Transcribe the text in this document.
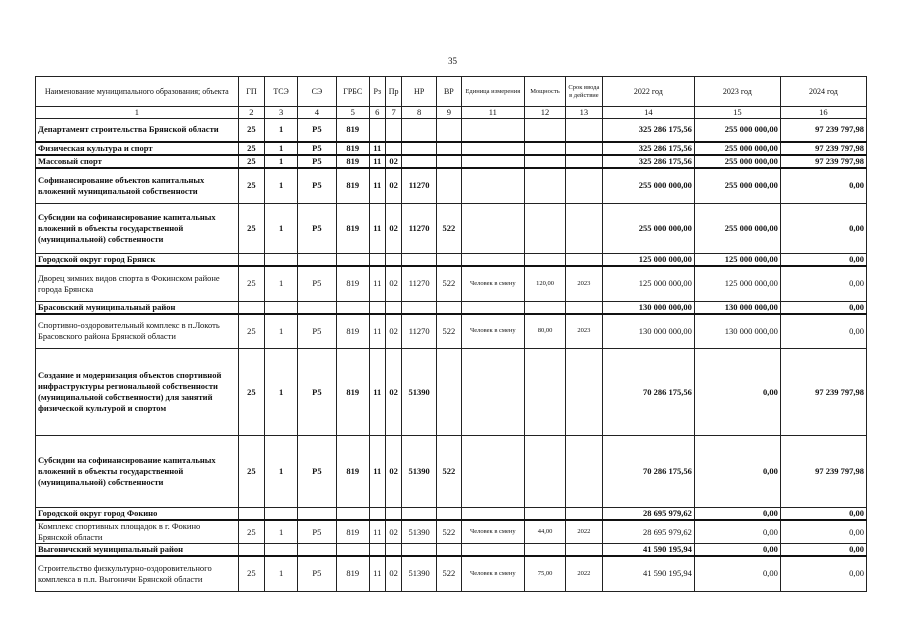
35
Наименование муниципального образования; объекта	ГП	ТСЭ	СЭ	ГРБС	Рз	Пр	НР	ВР	Единица измерения	Мощность	Срок ввода в действие	2022 год	2023 год	2024 год
1	2	3	4	5	6	7	8	9	11	12	13	14	15	16
Департамент строительства Брянской области	25	1	P5	819								325 286 175,56	255 000 000,00	97 239 797,98
Физическая культура и спорт	25	1	P5	819	11							325 286 175,56	255 000 000,00	97 239 797,98
Массовый спорт	25	1	P5	819	11	02						325 286 175,56	255 000 000,00	97 239 797,98
Софинансирование объектов капитальных вложений муниципальной собственности	25	1	P5	819	11	02	11270					255 000 000,00	255 000 000,00	0,00
Субсидии на софинансирование капитальных вложений в объекты государственной (муниципальной) собственности	25	1	P5	819	11	02	11270	522				255 000 000,00	255 000 000,00	0,00
Городской округ город Брянск												125 000 000,00	125 000 000,00	0,00
Дворец зимних видов спорта в Фокинском районе города Брянска	25	1	P5	819	11	02	11270	522	Человек в смену	120,00	2023	125 000 000,00	125 000 000,00	0,00
Брасовский муниципальный район												130 000 000,00	130 000 000,00	0,00
Спортивно-оздоровительный комплекс в п.Локоть Брасовского района Брянской области	25	1	P5	819	11	02	11270	522	Человек в смену	80,00	2023	130 000 000,00	130 000 000,00	0,00
Создание и модернизация объектов спортивной инфраструктуры региональной собственности (муниципальной собственности) для занятий физической культурой и спортом	25	1	P5	819	11	02	51390					70 286 175,56	0,00	97 239 797,98
Субсидии на софинансирование капитальных вложений в объекты государственной (муниципальной) собственности	25	1	P5	819	11	02	51390	522				70 286 175,56	0,00	97 239 797,98
Городской округ город Фокино												28 695 979,62	0,00	0,00
Комплекс спортивных площадок в г. Фокино Брянской области	25	1	P5	819	11	02	51390	522	Человек в смену	44,00	2022	28 695 979,62	0,00	0,00
Выгоничский муниципальный район												41 590 195,94	0,00	0,00
Строительство физкультурно-оздоровительного комплекса в п.п. Выгоничи Брянской области	25	1	P5	819	11	02	51390	522	Человек в смену	75,00	2022	41 590 195,94	0,00	0,00
